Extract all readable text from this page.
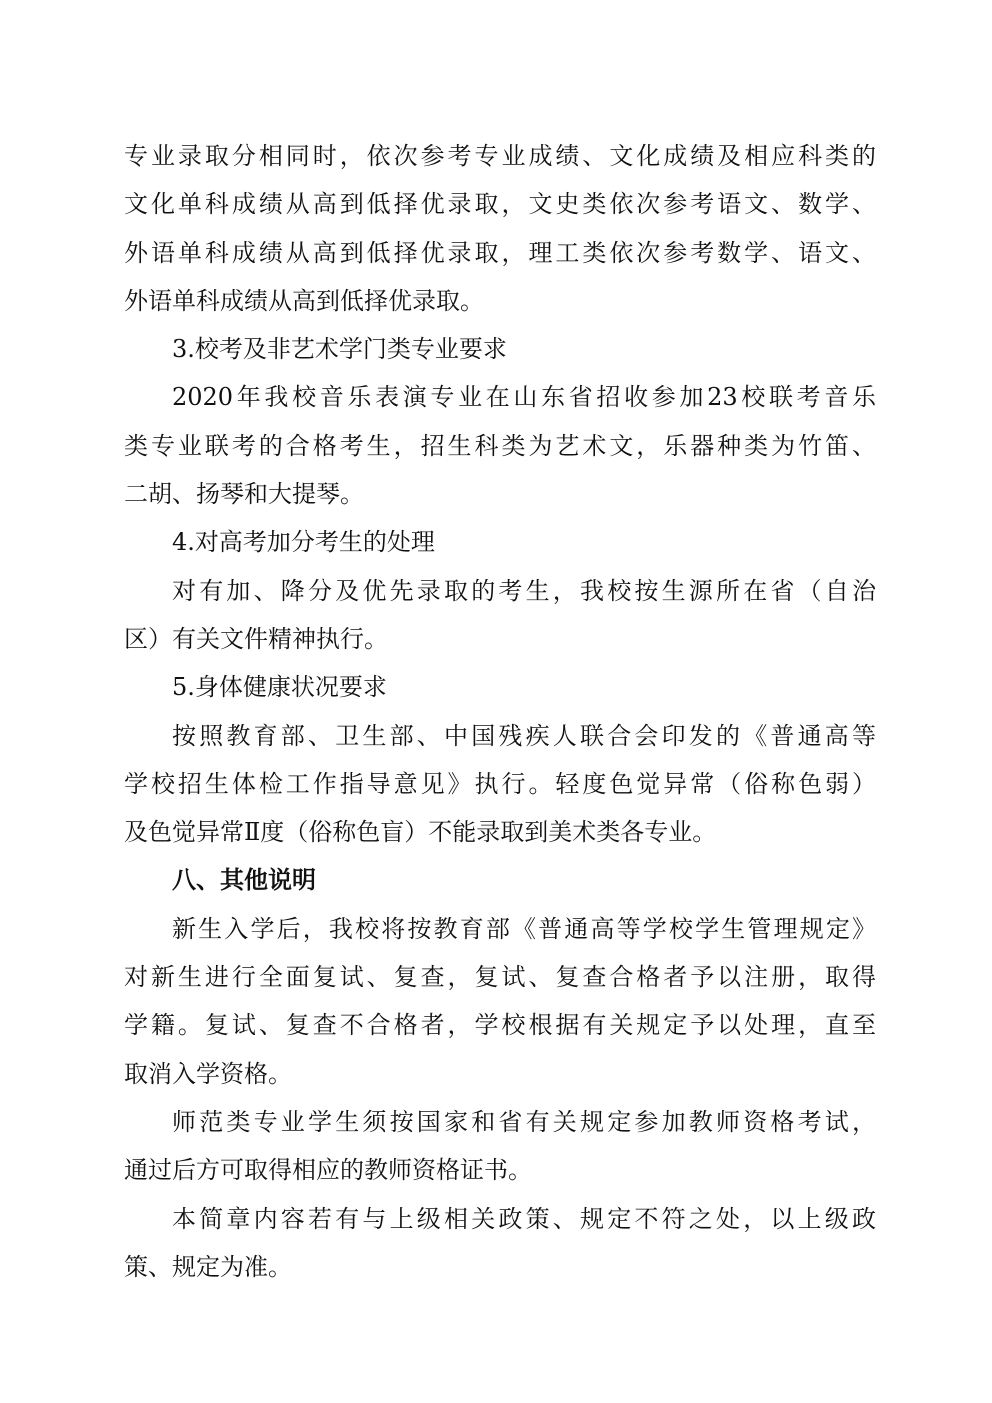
专业录取分相同时，依次参考专业成绩、文化成绩及相应科类的
文化单科成绩从高到低择优录取，文史类依次参考语文、数学、
外语单科成绩从高到低择优录取，理工类依次参考数学、语文、
外语单科成绩从高到低择优录取。
3.校考及非艺术学门类专业要求
2020年我校音乐表演专业在山东省招收参加23校联考音乐
类专业联考的合格考生，招生科类为艺术文，乐器种类为竹笛、
二胡、扬琴和大提琴。
4.对高考加分考生的处理
对有加、降分及优先录取的考生，我校按生源所在省（自治
区）有关文件精神执行。
5.身体健康状况要求
按照教育部、卫生部、中国残疾人联合会印发的《普通高等
学校招生体检工作指导意见》执行。轻度色觉异常（俗称色弱）
及色觉异常Ⅱ度（俗称色盲）不能录取到美术类各专业。
八、其他说明
新生入学后，我校将按教育部《普通高等学校学生管理规定》
对新生进行全面复试、复查，复试、复查合格者予以注册，取得
学籍。复试、复查不合格者，学校根据有关规定予以处理，直至
取消入学资格。
师范类专业学生须按国家和省有关规定参加教师资格考试，
通过后方可取得相应的教师资格证书。
本简章内容若有与上级相关政策、规定不符之处，以上级政
策、规定为准。
